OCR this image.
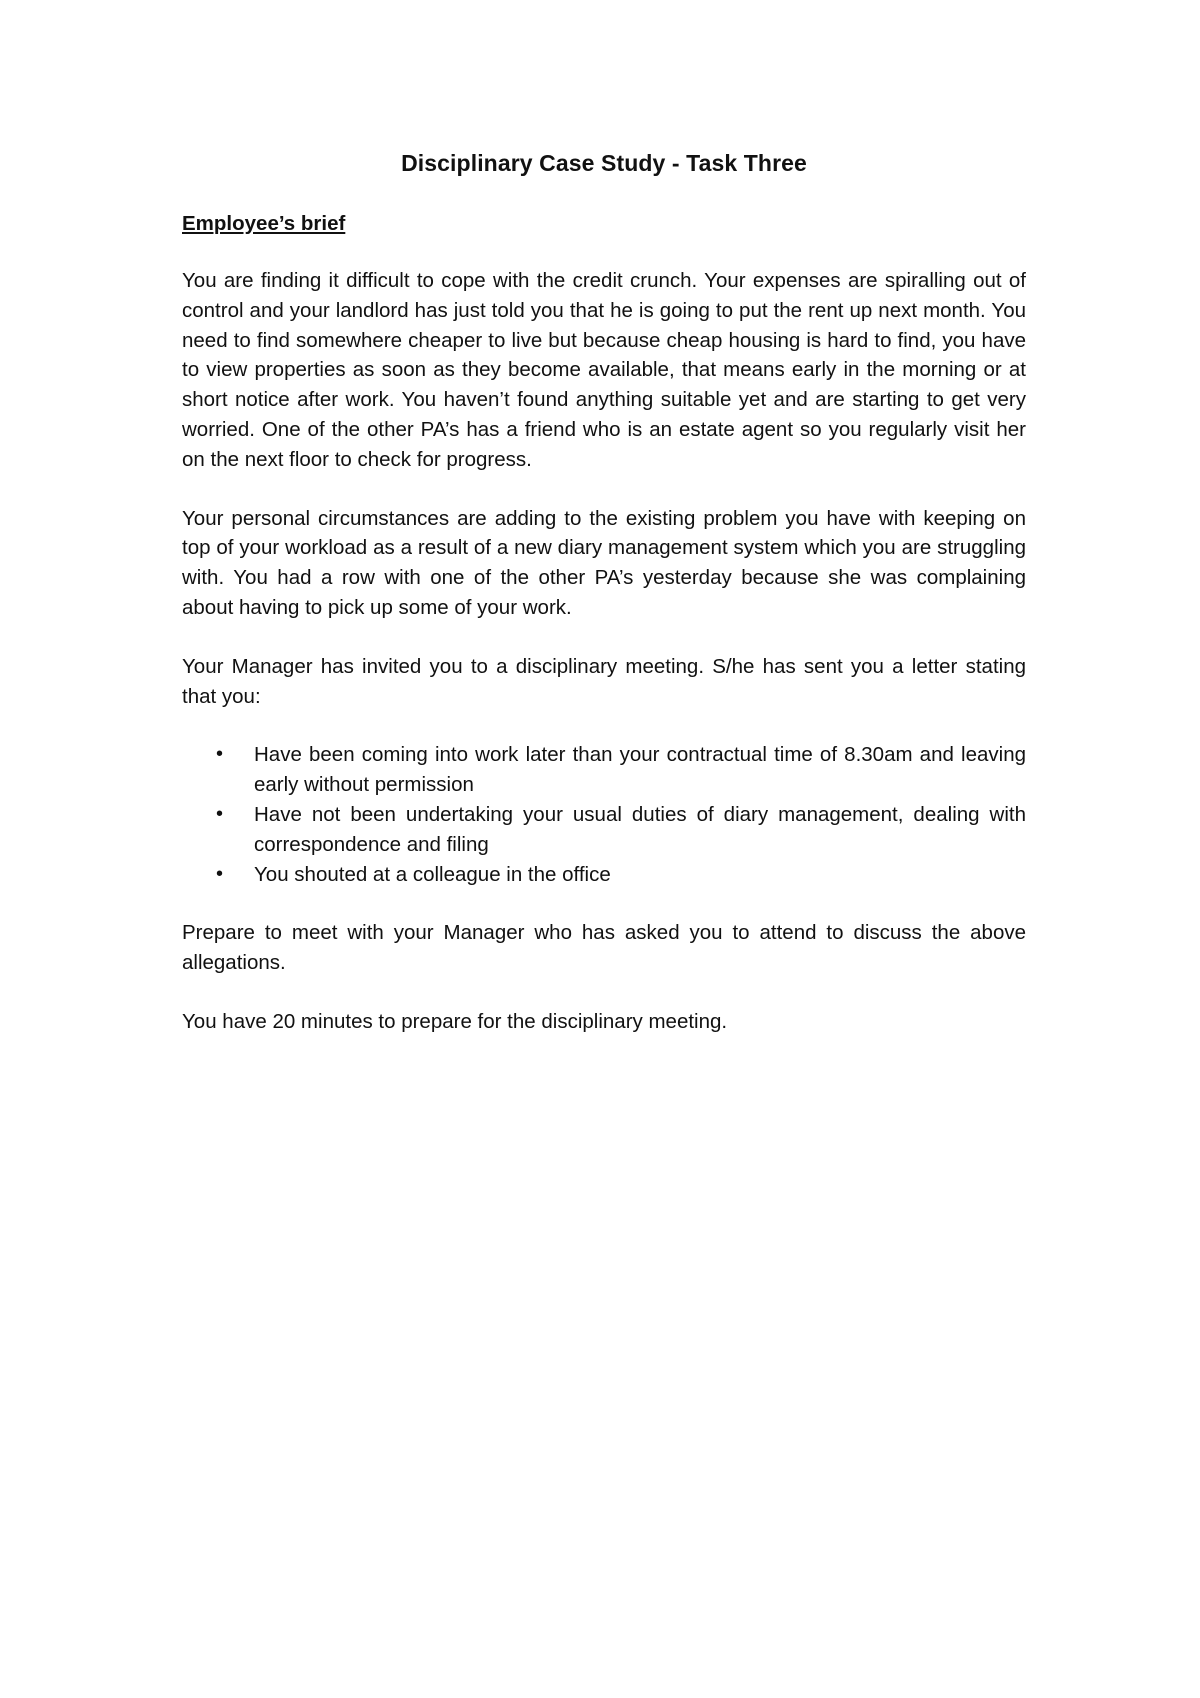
Disciplinary Case Study - Task Three
Employee’s brief

You are finding it difficult to cope with the credit crunch. Your expenses are spiralling out of control and your landlord has just told you that he is going to put the rent up next month. You need to find somewhere cheaper to live but because cheap housing is hard to find, you have to view properties as soon as they become available, that means early in the morning or at short notice after work. You haven’t found anything suitable yet and are starting to get very worried. One of the other PA’s has a friend who is an estate agent so you regularly visit her on the next floor to check for progress.

Your personal circumstances are adding to the existing problem you have with keeping on top of your workload as a result of a new diary management system which you are struggling with. You had a row with one of the other PA’s yesterday because she was complaining about having to pick up some of your work.

Your Manager has invited you to a disciplinary meeting. S/he has sent you a letter stating that you:

• Have been coming into work later than your contractual time of 8.30am and leaving early without permission
• Have not been undertaking your usual duties of diary management, dealing with correspondence and filing
• You shouted at a colleague in the office

Prepare to meet with your Manager who has asked you to attend to discuss the above allegations.

You have 20 minutes to prepare for the disciplinary meeting.
